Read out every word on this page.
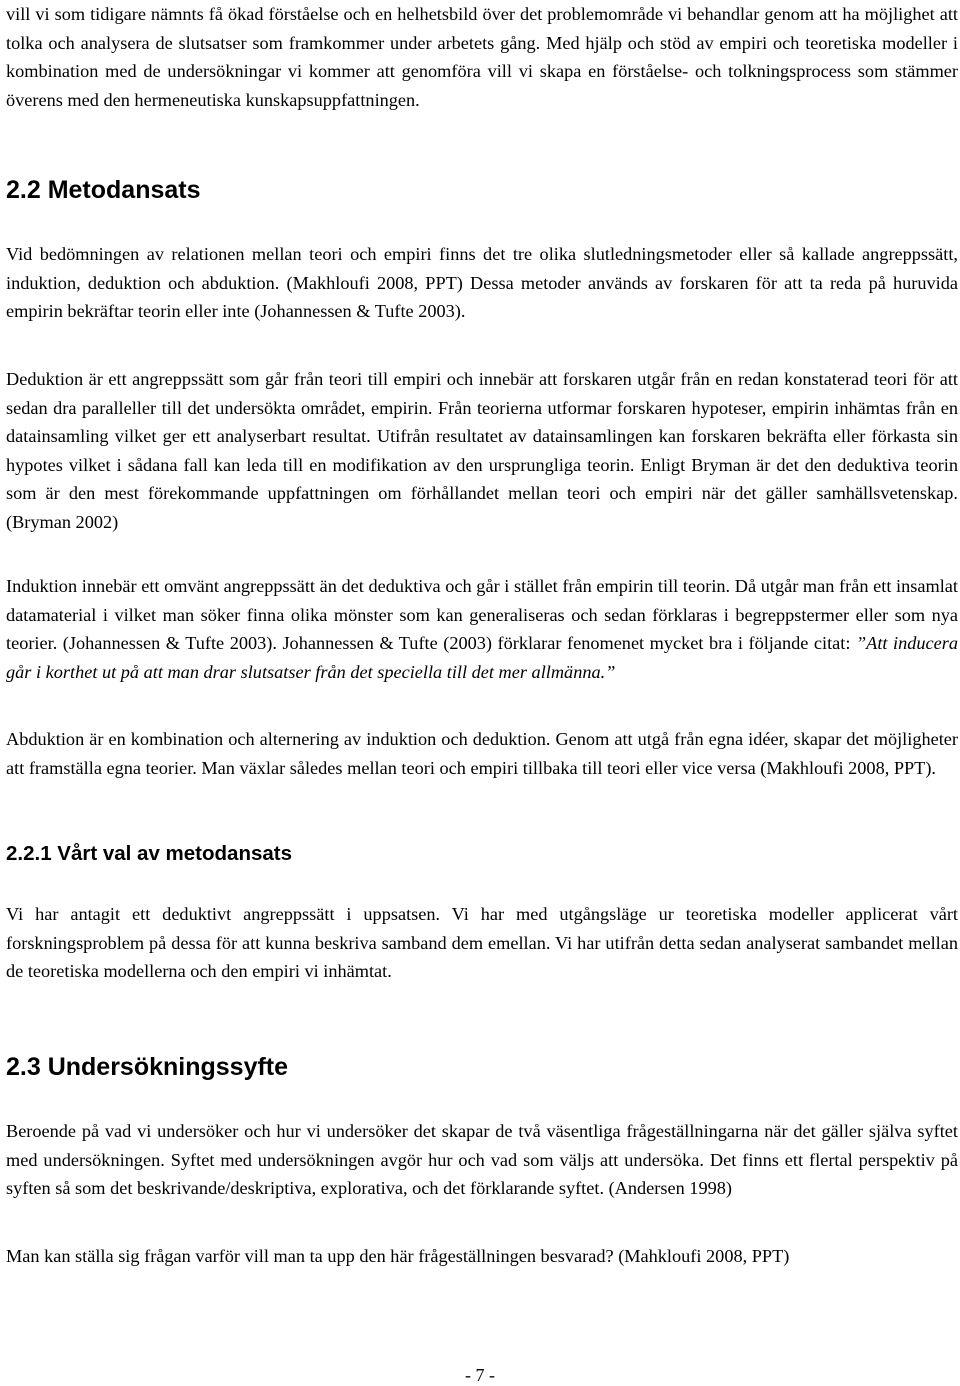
vill vi som tidigare nämnts få ökad förståelse och en helhetsbild över det problemområde vi behandlar genom att ha möjlighet att tolka och analysera de slutsatser som framkommer under arbetets gång. Med hjälp och stöd av empiri och teoretiska modeller i kombination med de undersökningar vi kommer att genomföra vill vi skapa en förståelse- och tolkningsprocess som stämmer överens med den hermeneutiska kunskapsuppfattningen.

2.2 Metodansats

Vid bedömningen av relationen mellan teori och empiri finns det tre olika slutledningsmetoder eller så kallade angreppssätt, induktion, deduktion och abduktion. (Makhloufi 2008, PPT) Dessa metoder används av forskaren för att ta reda på huruvida empirin bekräftar teorin eller inte (Johannessen & Tufte 2003).

Deduktion är ett angreppssätt som går från teori till empiri och innebär att forskaren utgår från en redan konstaterad teori för att sedan dra paralleller till det undersökta området, empirin. Från teorierna utformar forskaren hypoteser, empirin inhämtas från en datainsamling vilket ger ett analyserbart resultat. Utifrån resultatet av datainsamlingen kan forskaren bekräfta eller förkasta sin hypotes vilket i sådana fall kan leda till en modifikation av den ursprungliga teorin. Enligt Bryman är det den deduktiva teorin som är den mest förekommande uppfattningen om förhållandet mellan teori och empiri när det gäller samhällsvetenskap. (Bryman 2002)

Induktion innebär ett omvänt angreppssätt än det deduktiva och går i stället från empirin till teorin. Då utgår man från ett insamlat datamaterial i vilket man söker finna olika mönster som kan generaliseras och sedan förklaras i begreppstermer eller som nya teorier. (Johannessen & Tufte 2003). Johannessen & Tufte (2003) förklarar fenomenet mycket bra i följande citat: ”Att inducera går i korthet ut på att man drar slutsatser från det speciella till det mer allmänna.”

Abduktion är en kombination och alternering av induktion och deduktion. Genom att utgå från egna idéer, skapar det möjligheter att framställa egna teorier. Man växlar således mellan teori och empiri tillbaka till teori eller vice versa (Makhloufi 2008, PPT).

2.2.1 Vårt val av metodansats

Vi har antagit ett deduktivt angreppssätt i uppsatsen. Vi har med utgångsläge ur teoretiska modeller applicerat vårt forskningsproblem på dessa för att kunna beskriva samband dem emellan. Vi har utifrån detta sedan analyserat sambandet mellan de teoretiska modellerna och den empiri vi inhämtat.

2.3 Undersökningssyfte

Beroende på vad vi undersöker och hur vi undersöker det skapar de två väsentliga frågeställningarna när det gäller själva syftet med undersökningen. Syftet med undersökningen avgör hur och vad som väljs att undersöka. Det finns ett flertal perspektiv på syften så som det beskrivande/deskriptiva, explorativa, och det förklarande syftet. (Andersen 1998)

Man kan ställa sig frågan varför vill man ta upp den här frågeställningen besvarad? (Mahkloufi 2008, PPT)

- 7 -
